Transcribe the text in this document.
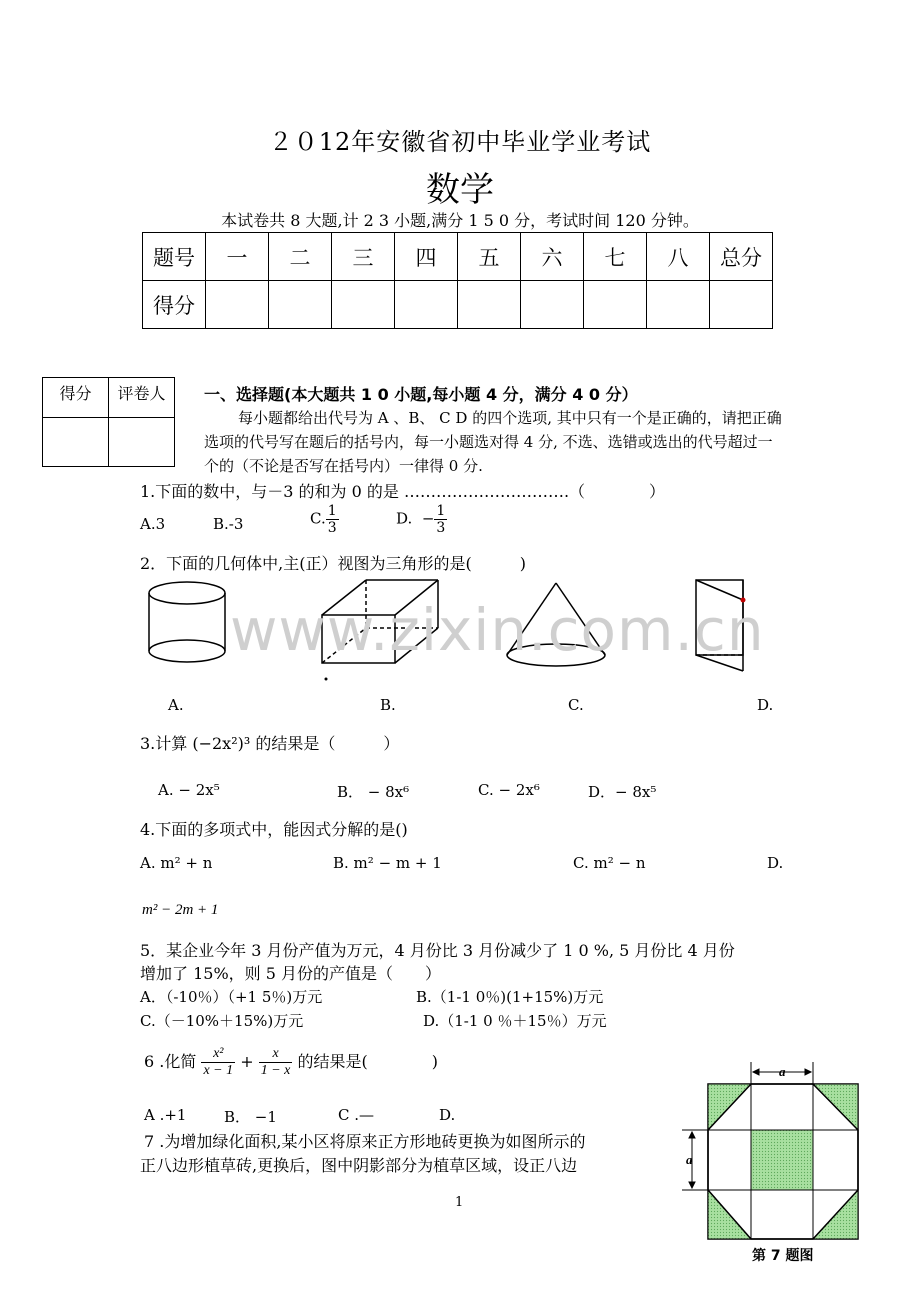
２０12年安徽省初中毕业学业考试
数学
本试卷共 8 大题,计 2 3 小题,满分 1 5 0 分，考试时间 120 分钟。
题号	一	二	三	四	五	六	七	八	总分
得分									
得分	评卷人
	一、选择题(本大题共 1 0 小题,每小题 4 分，满分 4 0 分）
每小题都给出代号为 A 、B、 C D 的四个选项, 其中只有一个是正确的，请把正确选项的代号写在题后的括号内，每一小题选对得 4 分, 不选、选错或选出的代号超过一个的（不论是否写在括号内）一律得 0 分.
1.下面的数中，与－3 的和为 0 的是 ………………………….（　　　　）
A.3	B.-3	C. $\frac{1}{3}$	D. − $\frac{1}{3}$
2．下面的几何体中,主(正）视图为三角形的是(　　　)
www.zixin.com.cn
A.	B.	C.	D.
3.计算 (−2x²)³ 的结果是（　　　）
A. − 2x⁵	B． − 8x⁶	C. − 2x⁶	D．− 8x⁵
4.下面的多项式中，能因式分解的是()
A. m² + n	B. m² − m + 1	C. m² − n	D.
m² − 2m + 1
5．某企业今年 3 月份产值为万元，4 月份比 3 月份减少了 1 0 %, 5 月份比 4 月份
增加了 15%，则 5 月份的产值是（　　）
A．（-10％）（+1 5％)万元	B.（1-1 0％)(1+15%)万元
C.（－10%＋15%)万元	D.（1-1 0 ％＋15％）万元
6 .化简 $\frac{\text{x²}}{x - 1} + \frac{x}{1 - x}$ 的结果是(　　　　)
A .+1	B． −1	C .—	D.
7 .为增加绿化面积,某小区将原来正方形地砖更换为如图所示的
正八边形植草砖,更换后，图中阴影部分为植草区域，设正八边
a
a
第 7 题图
1
